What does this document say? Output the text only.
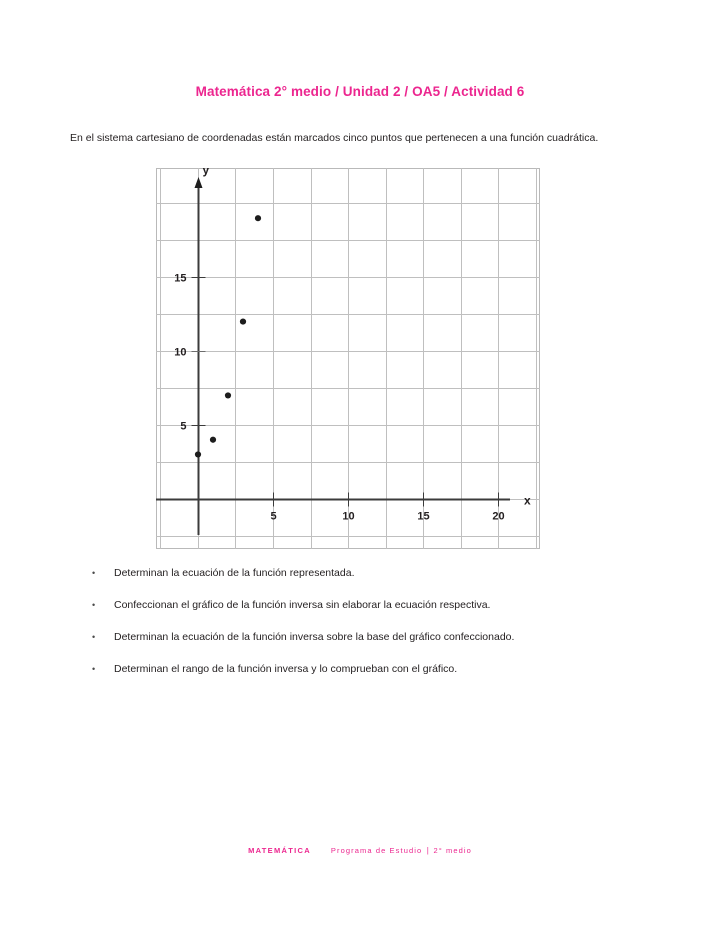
Matemática 2° medio / Unidad 2 / OA5 / Actividad 6

En el sistema cartesiano de coordenadas están marcados cinco puntos que pertenecen a una función cuadrática.

5	10	15	20
5
10
15
y
x
•	Determinan la ecuación de la función representada.
•	Confeccionan el gráfico de la función inversa sin elaborar la ecuación respectiva.
•	Determinan la ecuación de la función inversa sobre la base del gráfico confeccionado.
•	Determinan el rango de la función inversa y lo comprueban con el gráfico.
MATEMÁTICA	Programa de Estudio | 2° medio
